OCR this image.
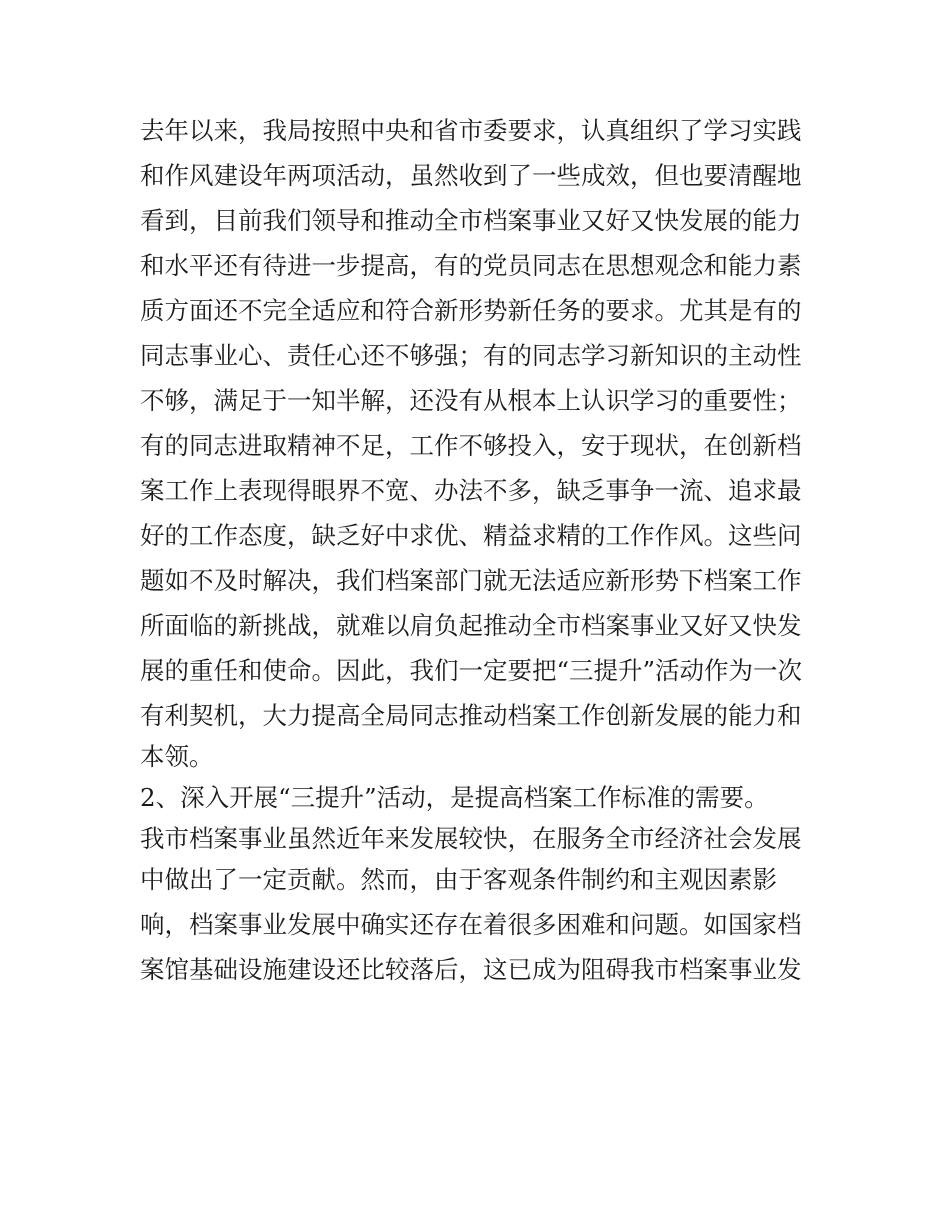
去年以来，我局按照中央和省市委要求，认真组织了学习实践
和作风建设年两项活动，虽然收到了一些成效，但也要清醒地
看到，目前我们领导和推动全市档案事业又好又快发展的能力
和水平还有待进一步提高，有的党员同志在思想观念和能力素
质方面还不完全适应和符合新形势新任务的要求。尤其是有的
同志事业心、责任心还不够强；有的同志学习新知识的主动性
不够，满足于一知半解，还没有从根本上认识学习的重要性；
有的同志进取精神不足，工作不够投入，安于现状，在创新档
案工作上表现得眼界不宽、办法不多，缺乏事争一流、追求最
好的工作态度，缺乏好中求优、精益求精的工作作风。这些问
题如不及时解决，我们档案部门就无法适应新形势下档案工作
所面临的新挑战，就难以肩负起推动全市档案事业又好又快发
展的重任和使命。因此，我们一定要把“三提升”活动作为一次
有利契机，大力提高全局同志推动档案工作创新发展的能力和
本领。
2、深入开展“三提升”活动，是提高档案工作标准的需要。
我市档案事业虽然近年来发展较快，在服务全市经济社会发展
中做出了一定贡献。然而，由于客观条件制约和主观因素影
响，档案事业发展中确实还存在着很多困难和问题。如国家档
案馆基础设施建设还比较落后，这已成为阻碍我市档案事业发
